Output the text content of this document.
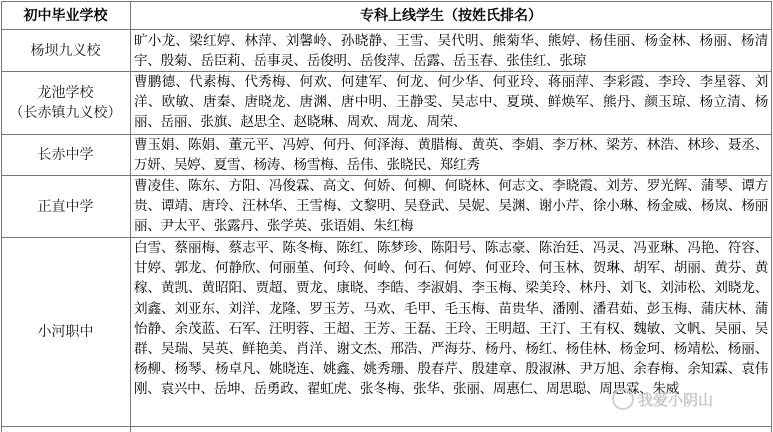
初中毕业学校	专科上线学生（按姓氏排名）
杨坝九义校
旷小龙、梁红婷、林萍、刘馨岭、孙晓静、王雪、吴代明、熊菊华、熊婷、杨佳丽、杨金林、杨丽、杨清宇、殷菊、岳臣莉、岳事灵、岳俊明、岳俊萍、岳露、岳玉春、张佳红、张琼
龙池学校
（长赤镇九义校）
曹鹏德、代素梅、代秀梅、何欢、何建军、何龙、何少华、何亚玲、蒋丽萍、李彩霞、李玲、李星蓉、刘洋、欧敏、唐秦、唐晓龙、唐渊、唐中明、王静雯、吴志中、夏瑛、鲜焕军、熊丹、颜玉琼、杨立清、杨丽、岳丽、张旗、赵思全、赵晓琳、周欢、周龙、周荣、
长赤中学
曹玉娟、陈娟、董元平、冯婷、何丹、何泽海、黄腊梅、黄英、李娟、李万林、梁芳、林浩、林珍、聂丞、万妍、吴婷、夏雪、杨涛、杨雪梅、岳伟、张晓民、郑红秀
正直中学
曹凌佳、陈东、方阳、冯俊霖、高文、何娇、何柳、何晓林、何志文、李晓霞、刘芳、罗光辉、蒲琴、谭方贵、谭靖、唐玲、汪林华、王雪梅、文黎明、吴登武、吴妮、吴渊、谢小芹、徐小琳、杨金威、杨岚、杨丽丽、尹太平、张露丹、张学英、张语娟、朱红梅
小河职中
白雪、蔡丽梅、蔡志平、陈冬梅、陈红、陈梦珍、陈阳号、陈志豪、陈治廷、冯灵、冯亚琳、冯艳、符容、甘婷、郭龙、何静欣、何丽堇、何玲、何岭、何石、何婷、何亚玲、何玉林、贺琳、胡军、胡丽、黄芬、黄稼、黄凯、黄昭阳、贾超、贾龙、康晓、李皓、李淑娟、李玉梅、梁美玲、林丹、刘飞、刘沛松、刘晓龙、刘鑫、刘亚东、刘洋、龙隆、罗玉芳、马欢、毛甲、毛玉梅、苗贵华、潘刚、潘君茹、彭玉梅、蒲庆林、蒲怡静、余茂蓝、石军、汪明蓉、王超、王芳、王磊、王玲、王明超、王汀、王有权、魏敏、文帆、吴丽、吴群、吴瑞、吴英、鲜艳美、肖洋、谢文杰、邢浩、严海芬、杨丹、杨红、杨佳林、杨金珂、杨靖松、杨丽、杨柳、杨琴、杨卓凡、姚晓连、姚鑫、姚秀珊、殷春芹、殷建章、殷淑淋、尹万旭、余春梅、余知霖、袁伟刚、袁兴中、岳坤、岳勇政、翟虹虎、张冬梅、张华、张丽、周惠仁、周思聪、周思霖、朱威
我爱小阴山
